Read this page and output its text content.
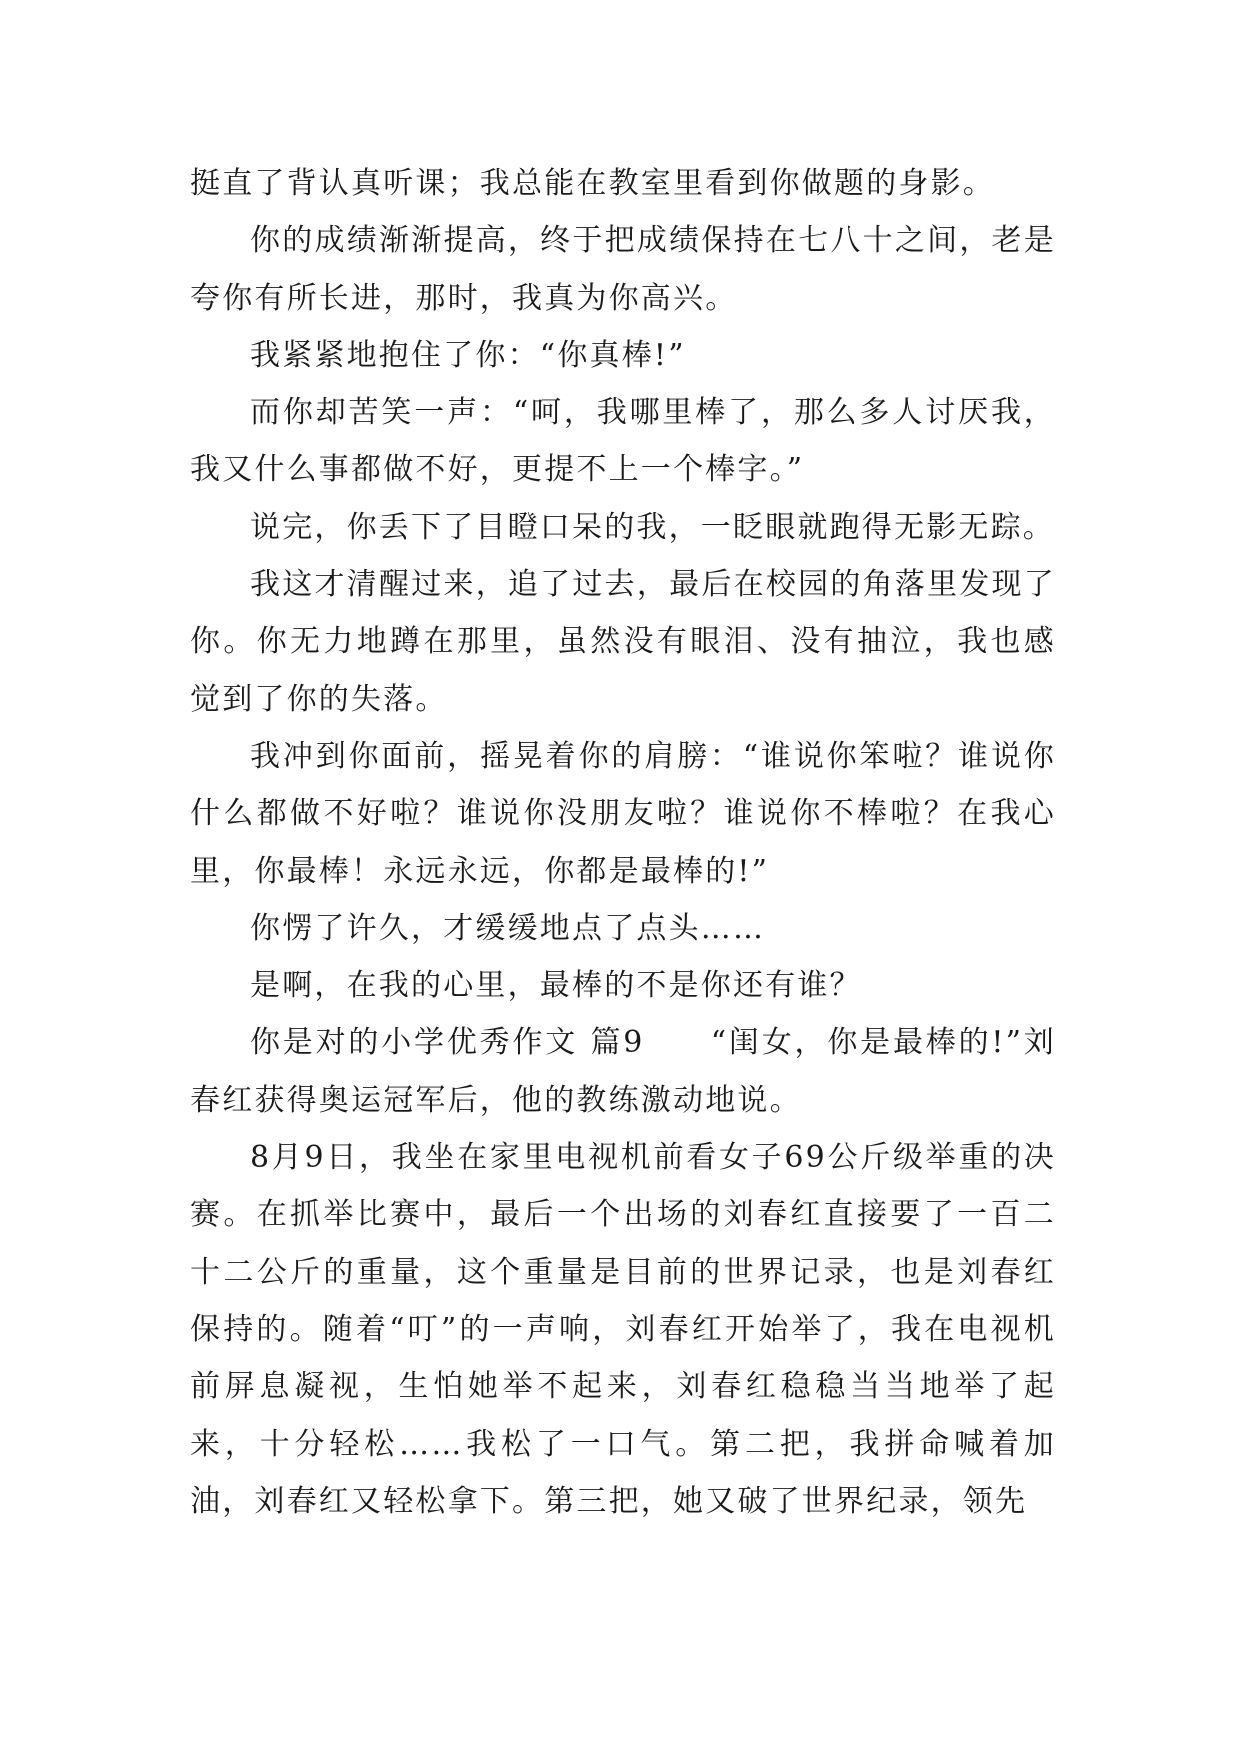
挺直了背认真听课；我总能在教室里看到你做题的身影。

你的成绩渐渐提高，终于把成绩保持在七八十之间，老是夸你有所长进，那时，我真为你高兴。

我紧紧地抱住了你：“你真棒!”

而你却苦笑一声：“呵，我哪里棒了，那么多人讨厌我，我又什么事都做不好，更提不上一个棒字。”

说完，你丢下了目瞪口呆的我，一眨眼就跑得无影无踪。

我这才清醒过来，追了过去，最后在校园的角落里发现了你。你无力地蹲在那里，虽然没有眼泪、没有抽泣，我也感觉到了你的失落。

我冲到你面前，摇晃着你的肩膀：“谁说你笨啦？谁说你什么都做不好啦？谁说你没朋友啦？谁说你不棒啦？在我心里，你最棒！永远永远，你都是最棒的!”

你愣了许久，才缓缓地点了点头……

是啊，在我的心里，最棒的不是你还有谁？

你是对的小学优秀作文 篇9　　“闺女，你是最棒的!”刘春红获得奥运冠军后，他的教练激动地说。

8月9日，我坐在家里电视机前看女子69公斤级举重的决赛。在抓举比赛中，最后一个出场的刘春红直接要了一百二十二公斤的重量，这个重量是目前的世界记录，也是刘春红保持的。随着“叮”的一声响，刘春红开始举了，我在电视机前屏息凝视，生怕她举不起来，刘春红稳稳当当地举了起来，十分轻松……我松了一口气。第二把，我拼命喊着加油，刘春红又轻松拿下。第三把，她又破了世界纪录，领先
